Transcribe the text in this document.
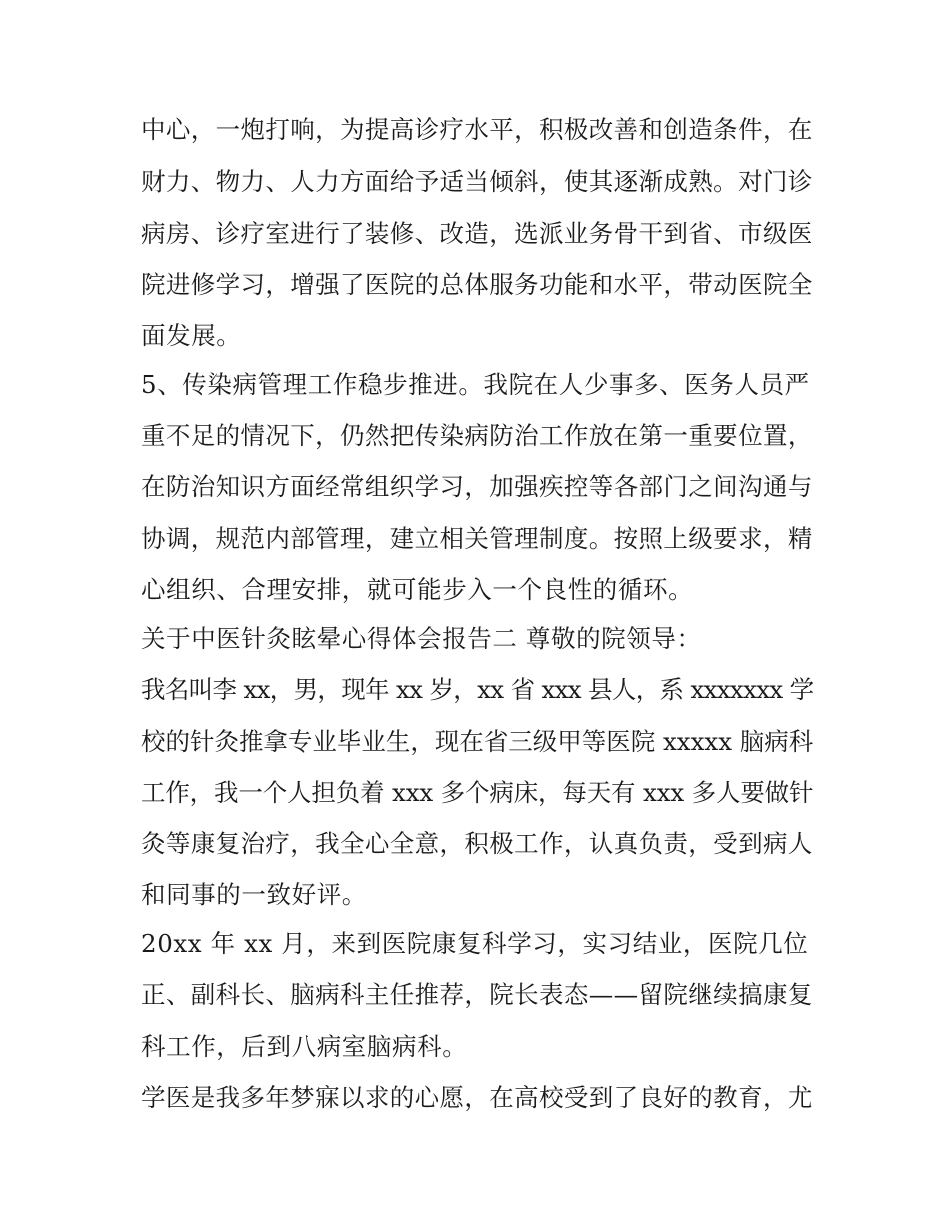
中心，一炮打响，为提高诊疗水平，积极改善和创造条件，在
财力、物力、人力方面给予适当倾斜，使其逐渐成熟。对门诊
病房、诊疗室进行了装修、改造，选派业务骨干到省、市级医
院进修学习，增强了医院的总体服务功能和水平，带动医院全
面发展。
5、传染病管理工作稳步推进。我院在人少事多、医务人员严
重不足的情况下，仍然把传染病防治工作放在第一重要位置，
在防治知识方面经常组织学习，加强疾控等各部门之间沟通与
协调，规范内部管理，建立相关管理制度。按照上级要求，精
心组织、合理安排，就可能步入一个良性的循环。
关于中医针灸眩晕心得体会报告二 尊敬的院领导：
我名叫李 xx，男，现年 xx 岁，xx 省 xxx 县人，系 xxxxxxx 学
校的针灸推拿专业毕业生，现在省三级甲等医院 xxxxx 脑病科
工作，我一个人担负着 xxx 多个病床，每天有 xxx 多人要做针
灸等康复治疗，我全心全意，积极工作，认真负责，受到病人
和同事的一致好评。
20xx 年 xx 月，来到医院康复科学习，实习结业，医院几位
正、副科长、脑病科主任推荐，院长表态——留院继续搞康复
科工作，后到八病室脑病科。
学医是我多年梦寐以求的心愿，在高校受到了良好的教育，尤
